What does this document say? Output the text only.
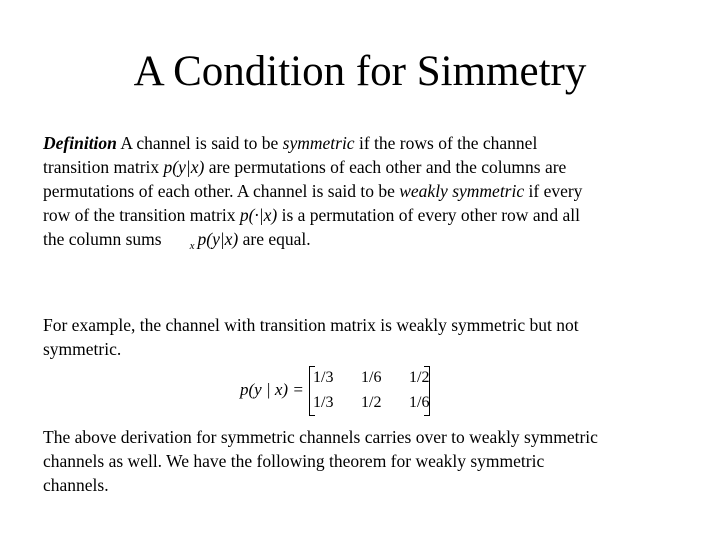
A Condition for Simmetry
Definition A channel is said to be symmetric if the rows of the channel
transition matrix p(y|x) are permutations of each other and the columns are
permutations of each other. A channel is said to be weakly symmetric if every
row of the transition matrix p(·|x) is a permutation of every other row and all
the column sums	$_x$ p(y|x) are equal.
For example, the channel with transition matrix is weakly symmetric but not
symmetric.
p(y | x) =
1/3 1/6 1/2
1/3 1/2 1/6
The above derivation for symmetric channels carries over to weakly symmetric
channels as well. We have the following theorem for weakly symmetric
channels.
